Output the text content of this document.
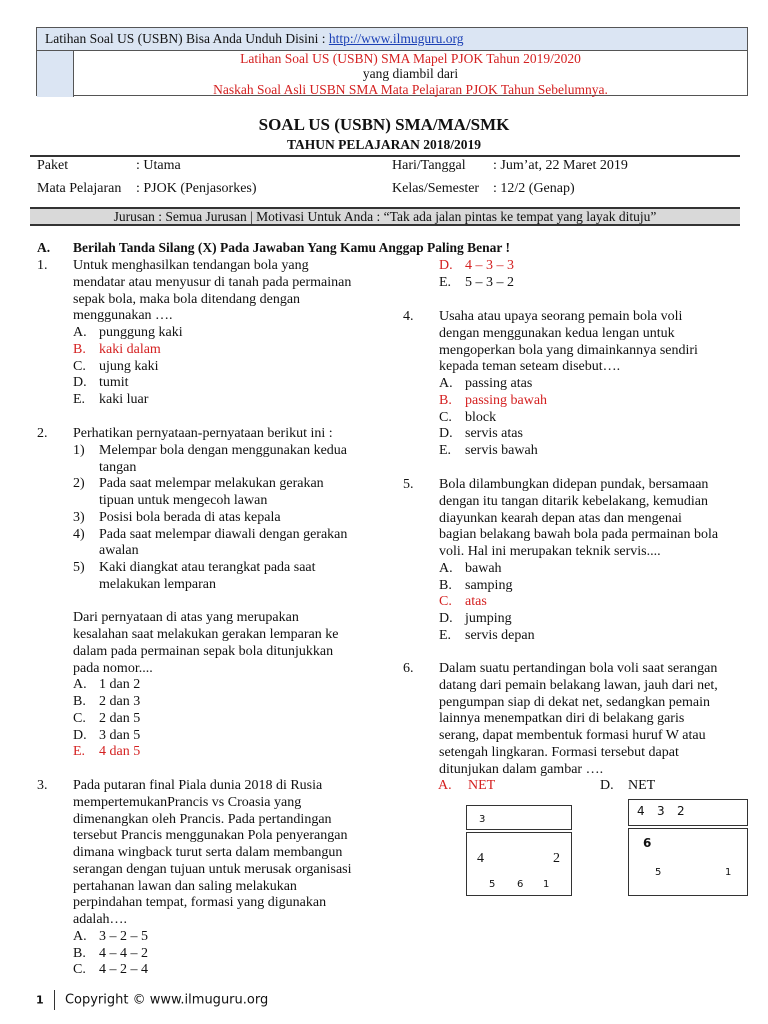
Latihan Soal US (USBN) Bisa Anda Unduh Disini : http://www.ilmuguru.org
Latihan Soal US (USBN) SMA Mapel PJOK Tahun 2019/2020
yang diambil dari
Naskah Soal Asli USBN SMA Mata Pelajaran PJOK Tahun Sebelumnya.
SOAL US (USBN) SMA/MA/SMK
TAHUN PELAJARAN 2018/2019
Paket	: Utama
Mata Pelajaran : PJOK (Penjasorkes)
Hari/Tanggal : Jum’at, 22 Maret 2019
Kelas/Semester : 12/2 (Genap)
Jurusan : Semua Jurusan | Motivasi Untuk Anda : “Tak ada jalan pintas ke tempat yang layak dituju”
A. Berilah Tanda Silang (X) Pada Jawaban Yang Kamu Anggap Paling Benar !
1. Untuk menghasilkan tendangan bola yang
mendatar atau menyusur di tanah pada permainan
sepak bola, maka bola ditendang dengan
menggunakan ….
A. punggung kaki
B. kaki dalam
C. ujung kaki
D. tumit
E. kaki luar
2. Perhatikan pernyataan-pernyataan berikut ini :
1) Melempar bola dengan menggunakan kedua
tangan
2) Pada saat melempar melakukan gerakan
tipuan untuk mengecoh lawan
3) Posisi bola berada di atas kepala
4) Pada saat melempar diawali dengan gerakan
awalan
5) Kaki diangkat atau terangkat pada saat
melakukan lemparan
Dari pernyataan di atas yang merupakan
kesalahan saat melakukan gerakan lemparan ke
dalam pada permainan sepak bola ditunjukkan
pada nomor....
A. 1 dan 2
B. 2 dan 3
C. 2 dan 5
D. 3 dan 5
E. 4 dan 5
3. Pada putaran final Piala dunia 2018 di Rusia
mempertemukanPrancis vs Croasia yang
dimenangkan oleh Prancis. Pada pertandingan
tersebut Prancis menggunakan Pola penyerangan
dimana wingback turut serta dalam membangun
serangan dengan tujuan untuk merusak organisasi
pertahanan lawan dan saling melakukan
perpindahan tempat, formasi yang digunakan
adalah….
A. 3 – 2 – 5
B. 4 – 4 – 2
C. 4 – 2 – 4
D. 4 – 3 – 3
E. 5 – 3 – 2
4. Usaha atau upaya seorang pemain bola voli
dengan menggunakan kedua lengan untuk
mengoperkan bola yang dimainkannya sendiri
kepada teman seteam disebut….
A. passing atas
B. passing bawah
C. block
D. servis atas
E. servis bawah
5. Bola dilambungkan didepan pundak, bersamaan
dengan itu tangan ditarik kebelakang, kemudian
diayunkan kearah depan atas dan mengenai
bagian belakang bawah bola pada permainan bola
voli. Hal ini merupakan teknik servis....
A. bawah
B. samping
C. atas
D. jumping
E. servis depan
6. Dalam suatu pertandingan bola voli saat serangan
datang dari pemain belakang lawan, jauh dari net,
pengumpan siap di dekat net, sedangkan pemain
lainnya menempatkan diri di belakang garis
serang, dapat membentuk formasi huruf W atau
setengah lingkaran. Formasi tersebut dapat
ditunjukan dalam gambar ….
A. NET	D. NET
3
4	2
5 6 1
4 3 2
6
5	1
1 Copyright © www.ilmuguru.org
